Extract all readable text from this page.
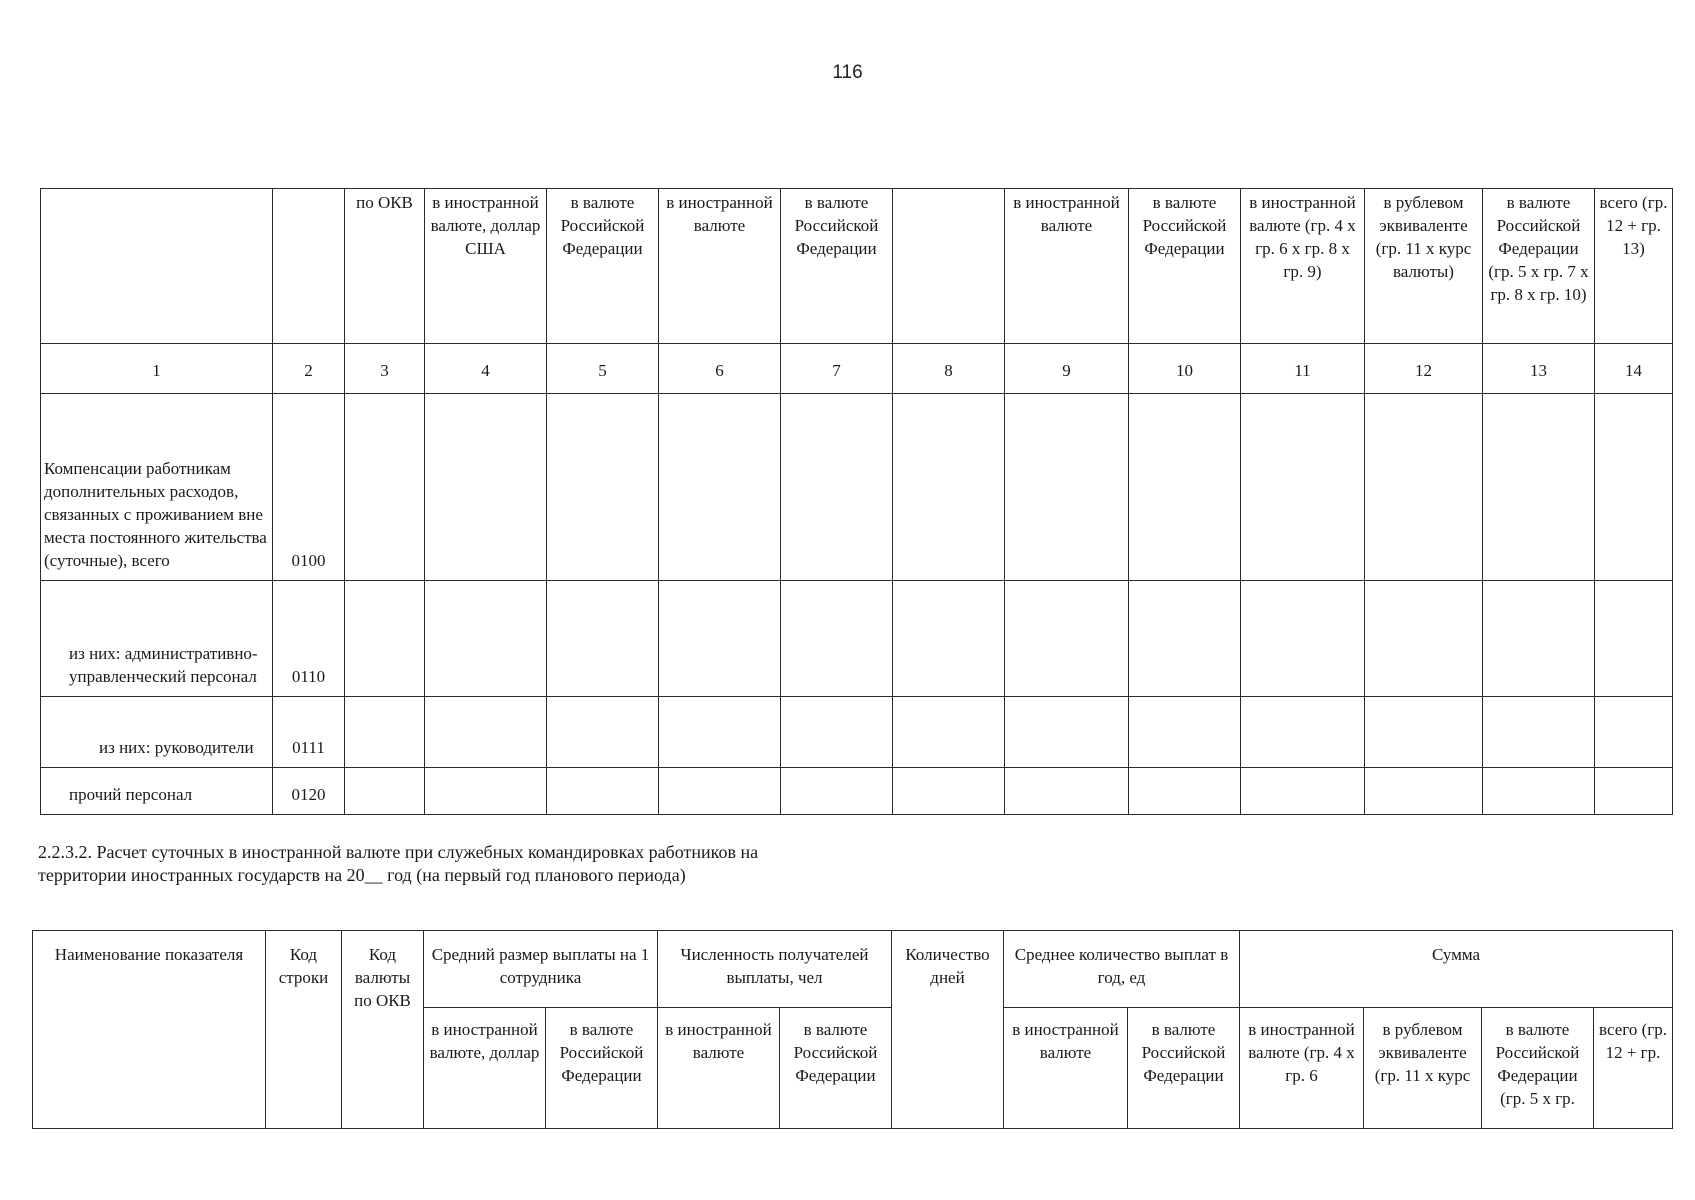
116
		по ОКВ	в иностранной валюте, доллар США	в валюте Российской Федерации	в иностранной валюте	в валюте Российской Федерации		в иностранной валюте	в валюте Российской Федерации	в иностранной валюте (гр. 4 x гр. 6 x гр. 8 x гр. 9)	в рублевом эквиваленте (гр. 11 x курс валюты)	в валюте Российской Федерации (гр. 5 x гр. 7 x гр. 8 x гр. 10)	всего (гр. 12 + гр. 13)
1	2	3	4	5	6	7	8	9	10	11	12	13	14
Компенсации работникам дополнительных расходов, связанных с проживанием вне места постоянного жительства (суточные), всего	0100												
из них: административно-управленческий персонал	0110												
из них: руководители	0111												
прочий персонал	0120												
2.2.3.2. Расчет суточных в иностранной валюте при служебных командировках работников на территории иностранных государств на 20__ год (на первый год планового периода)
Наименование показателя	Код строки	Код валюты по ОКВ	Средний размер выплаты на 1 сотрудника		Численность получателей выплаты, чел		Количество дней	Среднее количество выплат в год, ед		Сумма			
			в иностранной валюте, доллар	в валюте Российской Федерации	в иностранной валюте	в валюте Российской Федерации		в иностранной валюте	в валюте Российской Федерации	в иностранной валюте (гр. 4 x гр. 6	в рублевом эквиваленте (гр. 11 x курс	в валюте Российской Федерации (гр. 5 x гр.	всего (гр. 12 + гр.
